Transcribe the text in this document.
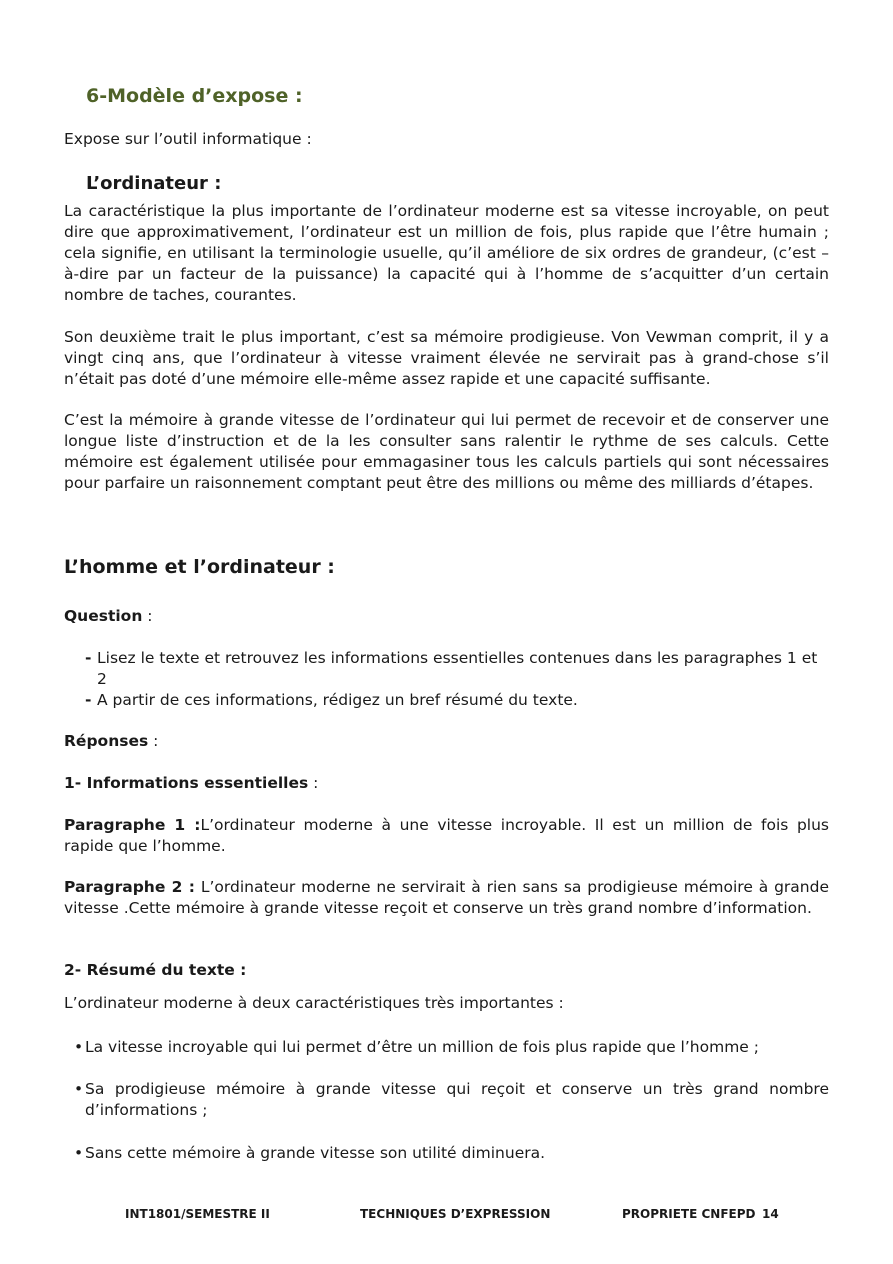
6-Modèle d’expose :

Expose sur l’outil informatique :

L’ordinateur :

La caractéristique la plus importante de l’ordinateur moderne est sa vitesse incroyable, on peut dire que approximativement, l’ordinateur est un million de fois, plus rapide que l’être humain ; cela signifie, en utilisant la terminologie usuelle, qu’il améliore de six ordres de grandeur, (c’est –à-dire par un facteur de la puissance) la capacité qui à l’homme de s’acquitter d’un certain nombre de taches, courantes.

Son deuxième trait le plus important, c’est sa mémoire prodigieuse. Von Vewman comprit, il y a vingt cinq ans, que l’ordinateur à vitesse vraiment élevée ne servirait pas à grand-chose s’il n’était pas doté d’une mémoire elle-même assez rapide et une capacité suffisante.

C’est la mémoire à grande vitesse de l’ordinateur qui lui permet de recevoir et de conserver une longue liste d’instruction et de la les consulter sans ralentir le rythme de ses calculs. Cette mémoire est également utilisée pour emmagasiner tous les calculs partiels qui sont nécessaires pour parfaire un raisonnement comptant peut être des millions ou même des milliards d’étapes.

L’homme et l’ordinateur :

Question :

- Lisez le texte et retrouvez les informations essentielles contenues dans les paragraphes 1 et 2
- A partir de ces informations, rédigez un bref résumé du texte.

Réponses :

1- Informations essentielles :

Paragraphe 1 :L’ordinateur moderne à une vitesse incroyable. Il est un million de fois plus rapide que l’homme.

Paragraphe 2 : L’ordinateur moderne ne servirait à rien sans sa prodigieuse mémoire à grande vitesse .Cette mémoire à grande vitesse reçoit et conserve un très grand nombre d’information.

2- Résumé du texte :

L’ordinateur moderne à deux caractéristiques très importantes :

• La vitesse incroyable qui lui permet d’être un million de fois plus rapide que l’homme ;
• Sa prodigieuse mémoire à grande vitesse qui reçoit et conserve un très grand nombre d’informations ;
• Sans cette mémoire à grande vitesse son utilité diminuera.
INT1801/SEMESTRE II	TECHNIQUES D’EXPRESSION	PROPRIETE CNFEPD 14
